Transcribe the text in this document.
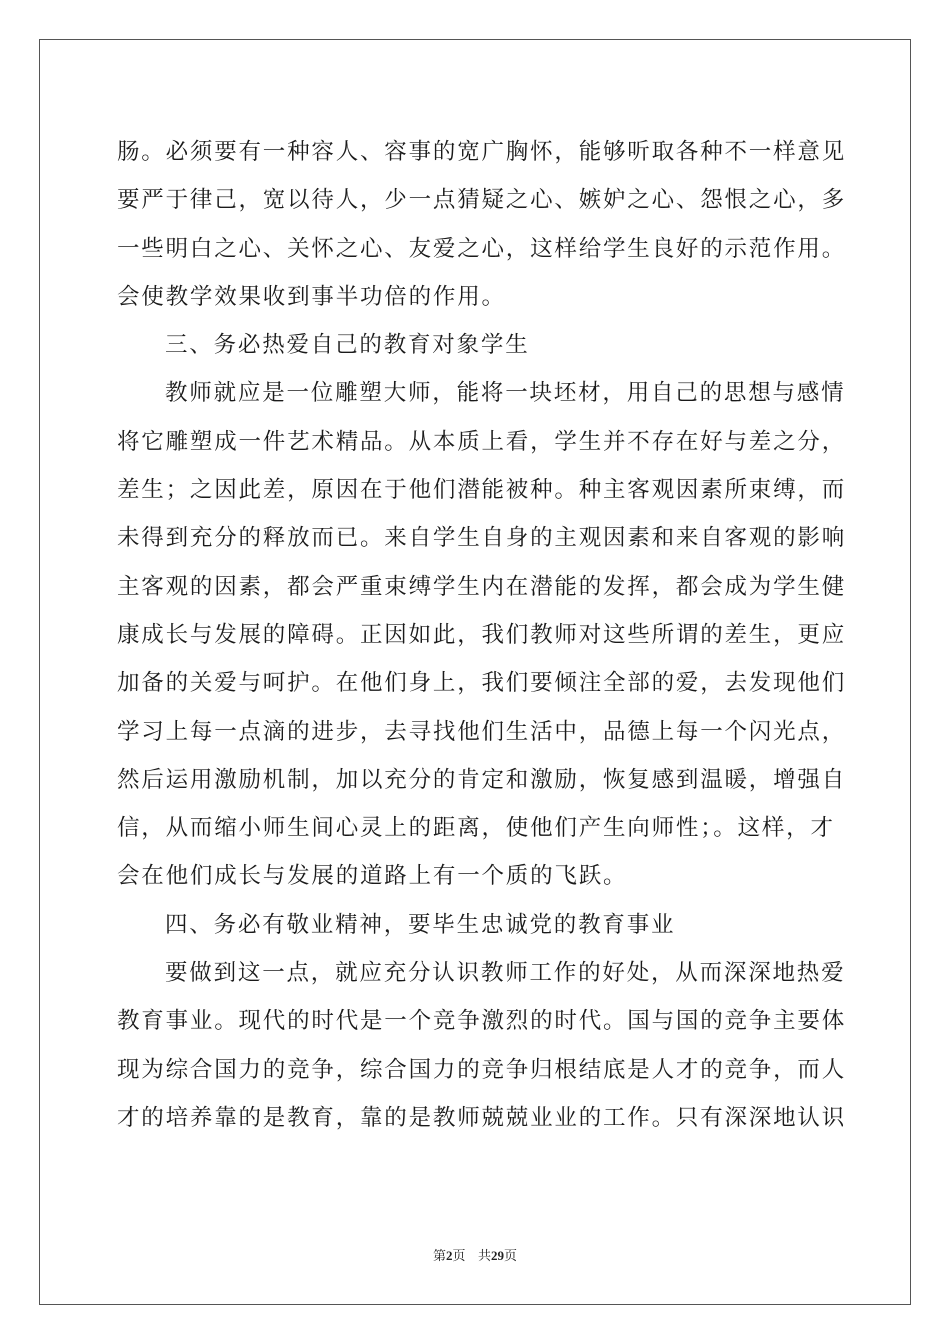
肠。必须要有一种容人、容事的宽广胸怀，能够听取各种不一样意见
要严于律己，宽以待人，少一点猜疑之心、嫉妒之心、怨恨之心，多
一些明白之心、关怀之心、友爱之心，这样给学生良好的示范作用。
会使教学效果收到事半功倍的作用。
三、务必热爱自己的教育对象学生
教师就应是一位雕塑大师，能将一块坯材，用自己的思想与感情
将它雕塑成一件艺术精品。从本质上看，学生并不存在好与差之分，
差生；之因此差，原因在于他们潜能被种。种主客观因素所束缚，而
未得到充分的释放而已。来自学生自身的主观因素和来自客观的影响
主客观的因素，都会严重束缚学生内在潜能的发挥，都会成为学生健
康成长与发展的障碍。正因如此，我们教师对这些所谓的差生，更应
加备的关爱与呵护。在他们身上，我们要倾注全部的爱，去发现他们
学习上每一点滴的进步，去寻找他们生活中，品德上每一个闪光点，
然后运用激励机制，加以充分的肯定和激励，恢复感到温暖，增强自
信，从而缩小师生间心灵上的距离，使他们产生向师性；。这样，才
会在他们成长与发展的道路上有一个质的飞跃。
四、务必有敬业精神，要毕生忠诚党的教育事业
要做到这一点，就应充分认识教师工作的好处，从而深深地热爱
教育事业。现代的时代是一个竞争激烈的时代。国与国的竞争主要体
现为综合国力的竞争，综合国力的竞争归根结底是人才的竞争，而人
才的培养靠的是教育，靠的是教师兢兢业业的工作。只有深深地认识
第2页 共29页
